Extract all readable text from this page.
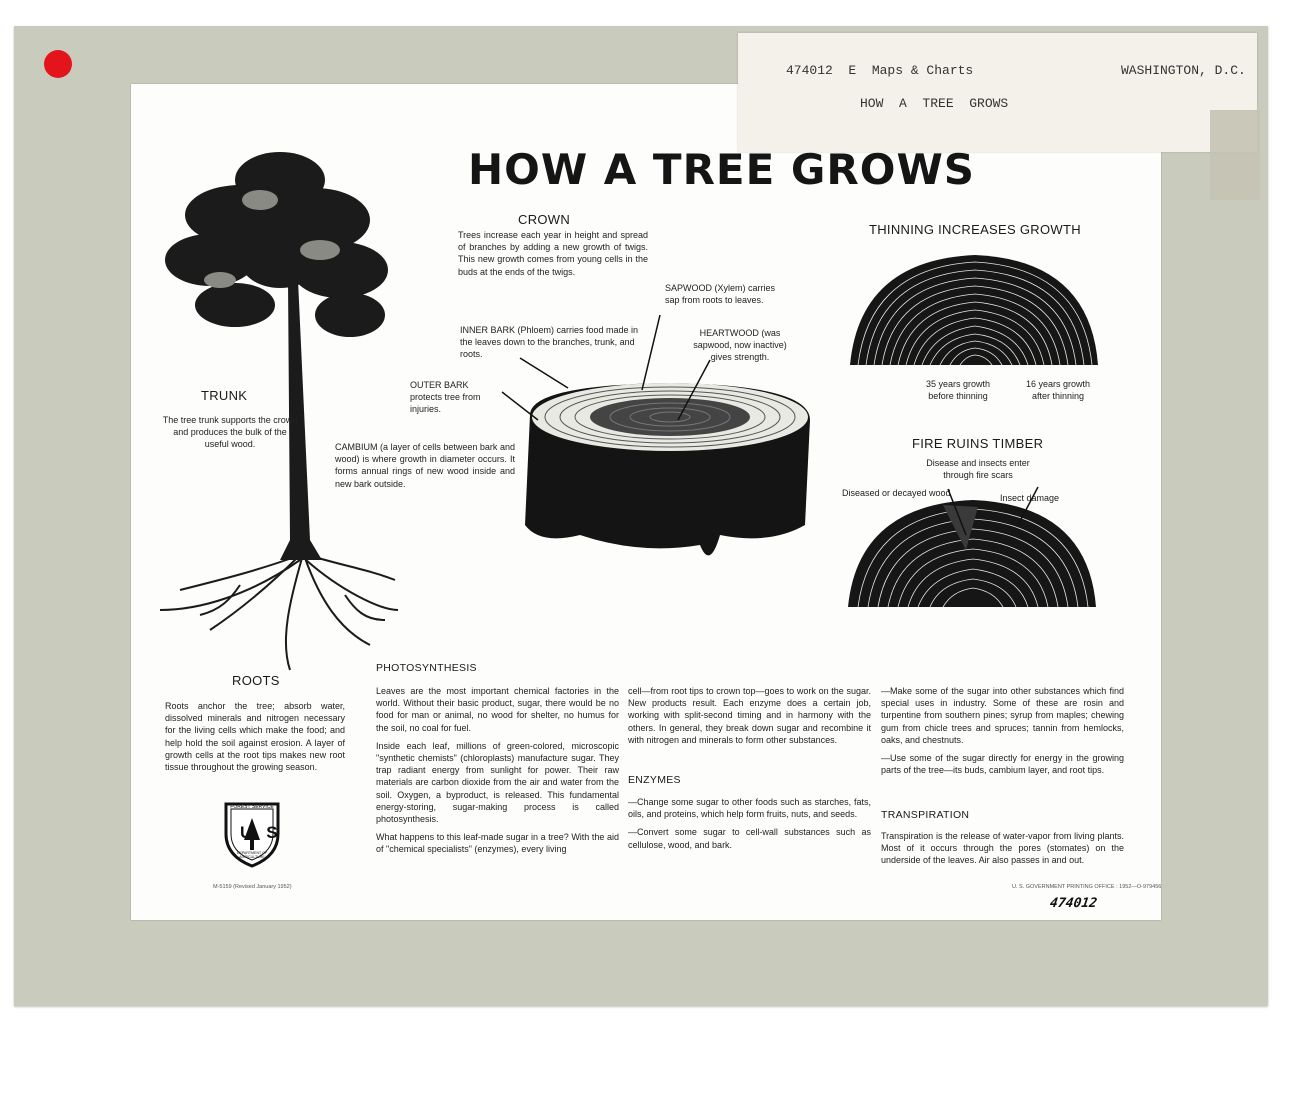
474012  E  Maps & Charts	WASHINGTON, D.C.
HOW  A  TREE  GROWS
HOW A TREE GROWS
CROWN
Trees increase each year in height and spread of branches by adding a new growth of twigs. This new growth comes from young cells in the buds at the ends of the twigs.
TRUNK
The tree trunk supports the crown and produces the bulk of the useful wood.
SAPWOOD (Xylem) carries sap from roots to leaves.
INNER BARK (Phloem) carries food made in the leaves down to the branches, trunk, and roots.
HEARTWOOD (was sapwood, now inactive) gives strength.
OUTER BARK protects tree from injuries.
CAMBIUM (a layer of cells between bark and wood) is where growth in diameter occurs. It forms annual rings of new wood inside and new bark outside.
THINNING INCREASES GROWTH
35 years growth
before thinning
16 years growth
after thinning
FIRE RUINS TIMBER
Disease and insects enter
through fire scars
Diseased or decayed wood	Insect damage
ROOTS
Roots anchor the tree; absorb water, dissolved minerals and nitrogen necessary for the living cells which make the food; and help hold the soil against erosion. A layer of growth cells at the root tips makes new root tissue throughout the growing season.
FOREST SERVICE
US
DEPARTMENT OF AGRICULTURE
M-5159 (Revised January 1952)	U. S. GOVERNMENT PRINTING OFFICE : 1952—O-979456
474012
PHOTOSYNTHESIS

Leaves are the most important chemical factories in the world. Without their basic product, sugar, there would be no food for man or animal, no wood for shelter, no humus for the soil, no coal for fuel.

Inside each leaf, millions of green-colored, microscopic "synthetic chemists" (chloroplasts) manufacture sugar. They trap radiant energy from sunlight for power. Their raw materials are carbon dioxide from the air and water from the soil. Oxygen, a byproduct, is released. This fundamental energy-storing, sugar-making process is called photosynthesis.

What happens to this leaf-made sugar in a tree? With the aid of "chemical specialists" (enzymes), every living

cell—from root tips to crown top—goes to work on the sugar. New products result. Each enzyme does a certain job, working with split-second timing and in harmony with the others. In general, they break down sugar and recombine it with nitrogen and minerals to form other substances.

ENZYMES

—Change some sugar to other foods such as starches, fats, oils, and proteins, which help form fruits, nuts, and seeds.

—Convert some sugar to cell-wall substances such as cellulose, wood, and bark.

—Make some of the sugar into other substances which find special uses in industry. Some of these are rosin and turpentine from southern pines; syrup from maples; chewing gum from chicle trees and spruces; tannin from hemlocks, oaks, and chestnuts.

—Use some of the sugar directly for energy in the growing parts of the tree—its buds, cambium layer, and root tips.

TRANSPIRATION
Transpiration is the release of water-vapor from living plants. Most of it occurs through the pores (stomates) on the underside of the leaves. Air also passes in and out.
